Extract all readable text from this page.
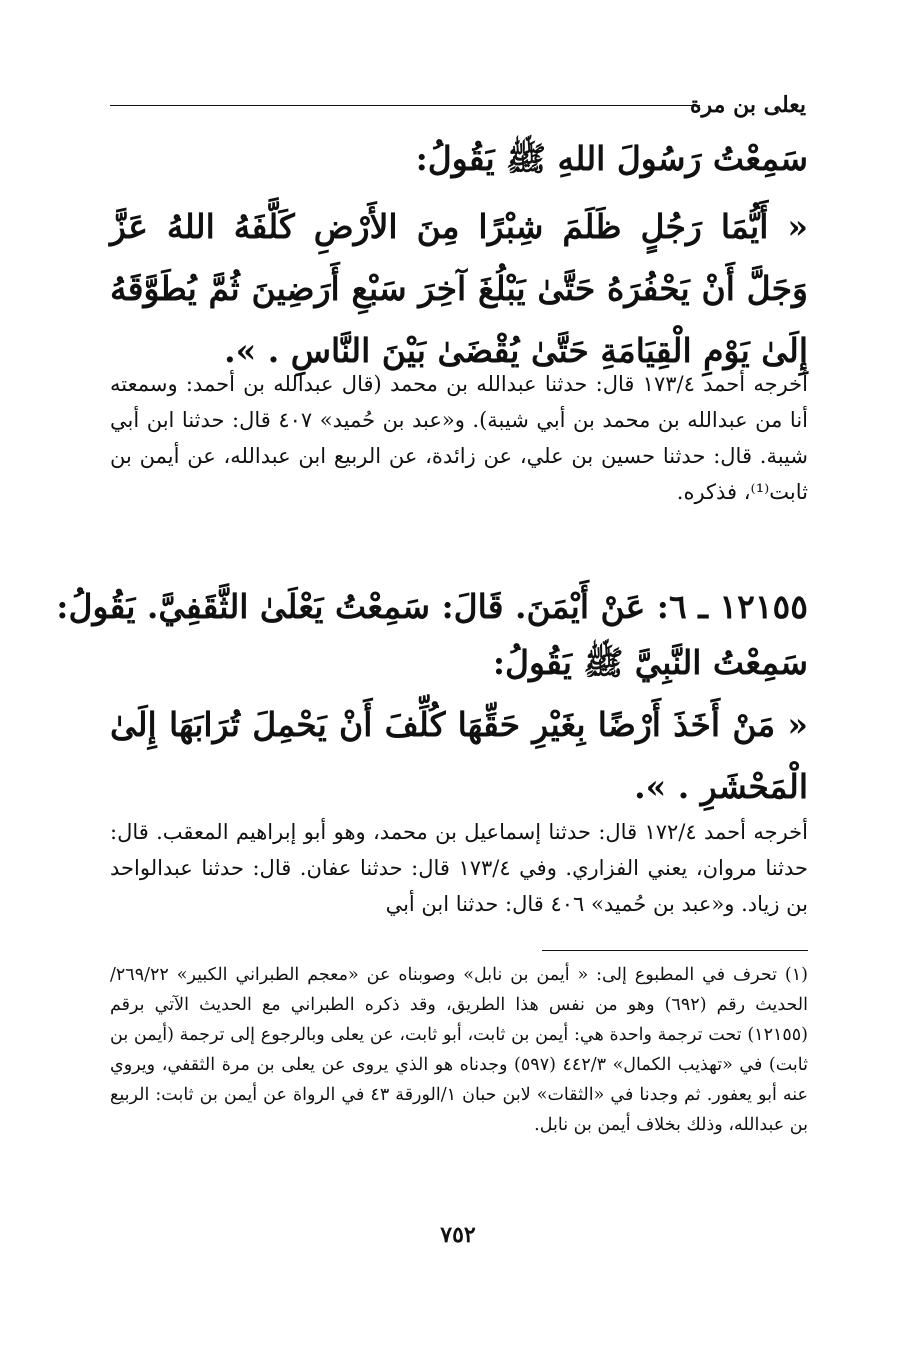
يعلى بن مرة
سَمِعْتُ رَسُولَ اللهِ ﷺ يَقُولُ:
« أَيُّمَا رَجُلٍ ظَلَمَ شِبْرًا مِنَ الأَرْضِ كَلَّفَهُ اللهُ عَزَّ وَجَلَّ أَنْ يَحْفُرَهُ حَتَّىٰ يَبْلُغَ آخِرَ سَبْعِ أَرَضِينَ ثُمَّ يُطَوَّقَهُ إِلَىٰ يَوْمِ الْقِيَامَةِ حَتَّىٰ يُقْضَىٰ بَيْنَ النَّاسِ . ».
أخرجه أحمد ١٧٣/٤ قال: حدثنا عبدالله بن محمد (قال عبدالله بن أحمد: وسمعته أنا من عبدالله بن محمد بن أبي شيبة). و«عبد بن حُميد» ٤٠٧ قال: حدثنا ابن أبي شيبة. قال: حدثنا حسين بن علي، عن زائدة، عن الربيع ابن عبدالله، عن أيمن بن ثابت⁽¹⁾، فذكره.
١٢١٥٥ ـ ٦: عَنْ أَيْمَنَ. قَالَ: سَمِعْتُ يَعْلَىٰ الثَّقَفِيَّ. يَقُولُ:
سَمِعْتُ النَّبِيَّ ﷺ يَقُولُ:
« مَنْ أَخَذَ أَرْضًا بِغَيْرِ حَقِّهَا كُلِّفَ أَنْ يَحْمِلَ تُرَابَهَا إِلَىٰ الْمَحْشَرِ . ».
أخرجه أحمد ١٧٢/٤ قال: حدثنا إسماعيل بن محمد، وهو أبو إبراهيم المعقب. قال: حدثنا مروان، يعني الفزاري. وفي ١٧٣/٤ قال: حدثنا عفان. قال: حدثنا عبدالواحد بن زياد. و«عبد بن حُميد» ٤٠٦ قال: حدثنا ابن أبي
(١) تحرف في المطبوع إلى: « أيمن بن نابل» وصوبناه عن «معجم الطبراني الكبير» ٢٦٩/٢٢/الحديث رقم (٦٩٢) وهو من نفس هذا الطريق، وقد ذكره الطبراني مع الحديث الآتي برقم (١٢١٥٥) تحت ترجمة واحدة هي: أيمن بن ثابت، أبو ثابت، عن يعلى وبالرجوع إلى ترجمة (أيمن بن ثابت) في «تهذيب الكمال» ٤٤٢/٣ (٥٩٧) وجدناه هو الذي يروى عن يعلى بن مرة الثقفي، ويروي عنه أبو يعفور. ثم وجدنا في «الثقات» لابن حبان ١/الورقة ٤٣ في الرواة عن أيمن بن ثابت: الربيع بن عبدالله، وذلك بخلاف أيمن بن نابل.
٧٥٢
